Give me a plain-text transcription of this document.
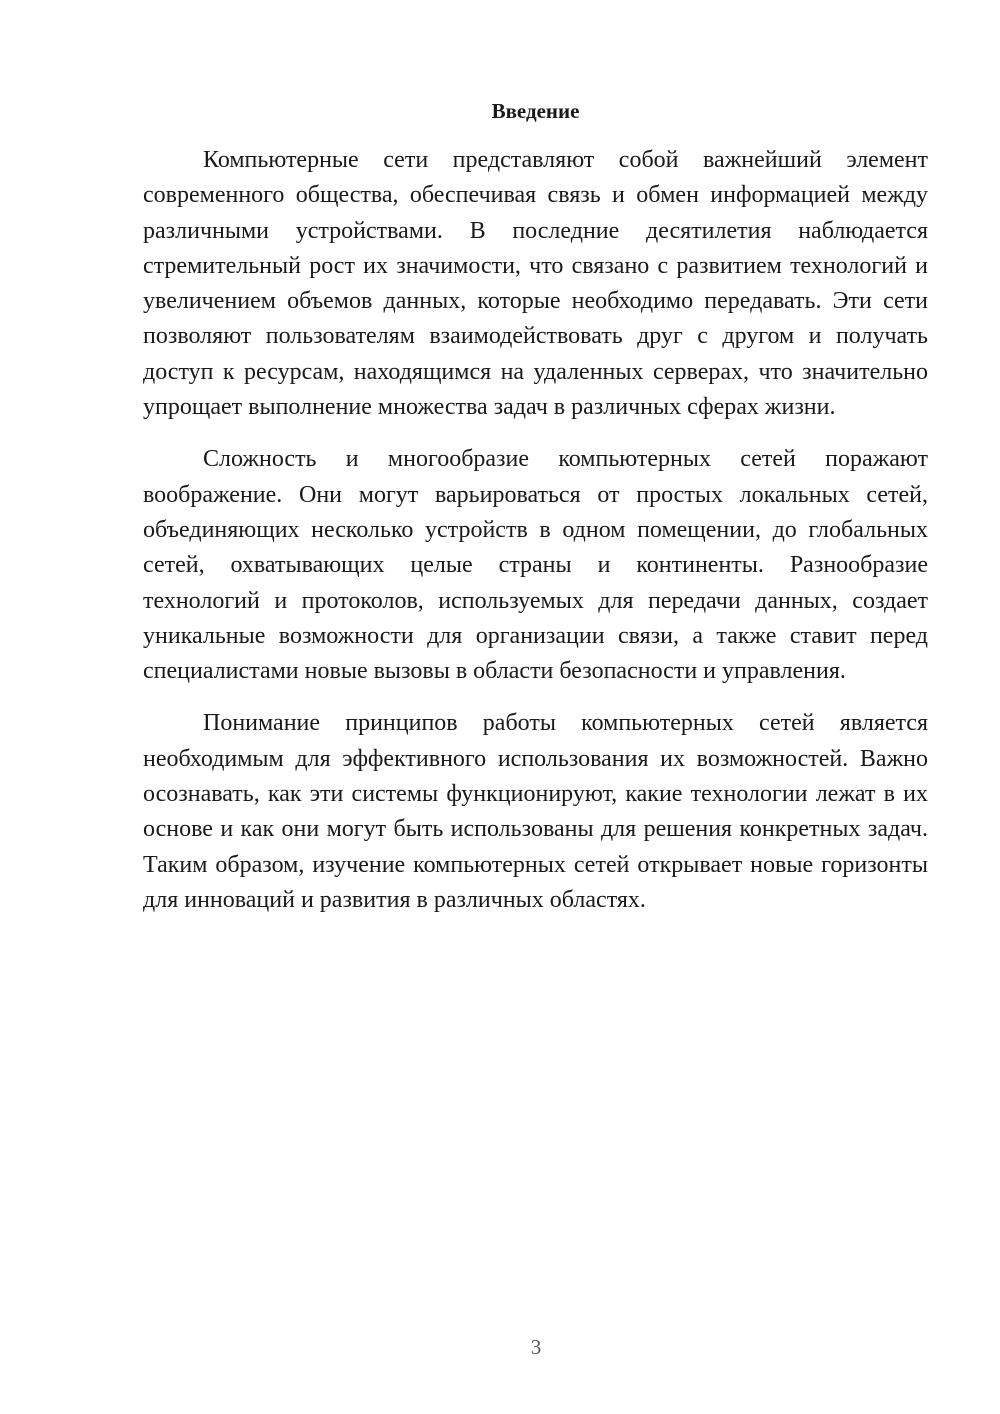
Введение

Компьютерные сети представляют собой важнейший элемент современного общества, обеспечивая связь и обмен информацией между различными устройствами. В последние десятилетия наблюдается стремительный рост их значимости, что связано с развитием технологий и увеличением объемов данных, которые необходимо передавать. Эти сети позволяют пользователям взаимодействовать друг с другом и получать доступ к ресурсам, находящимся на удаленных серверах, что значительно упрощает выполнение множества задач в различных сферах жизни.

Сложность и многообразие компьютерных сетей поражают воображение. Они могут варьироваться от простых локальных сетей, объединяющих несколько устройств в одном помещении, до глобальных сетей, охватывающих целые страны и континенты. Разнообразие технологий и протоколов, используемых для передачи данных, создает уникальные возможности для организации связи, а также ставит перед специалистами новые вызовы в области безопасности и управления.

Понимание принципов работы компьютерных сетей является необходимым для эффективного использования их возможностей. Важно осознавать, как эти системы функционируют, какие технологии лежат в их основе и как они могут быть использованы для решения конкретных задач. Таким образом, изучение компьютерных сетей открывает новые горизонты для инноваций и развития в различных областях.

3
